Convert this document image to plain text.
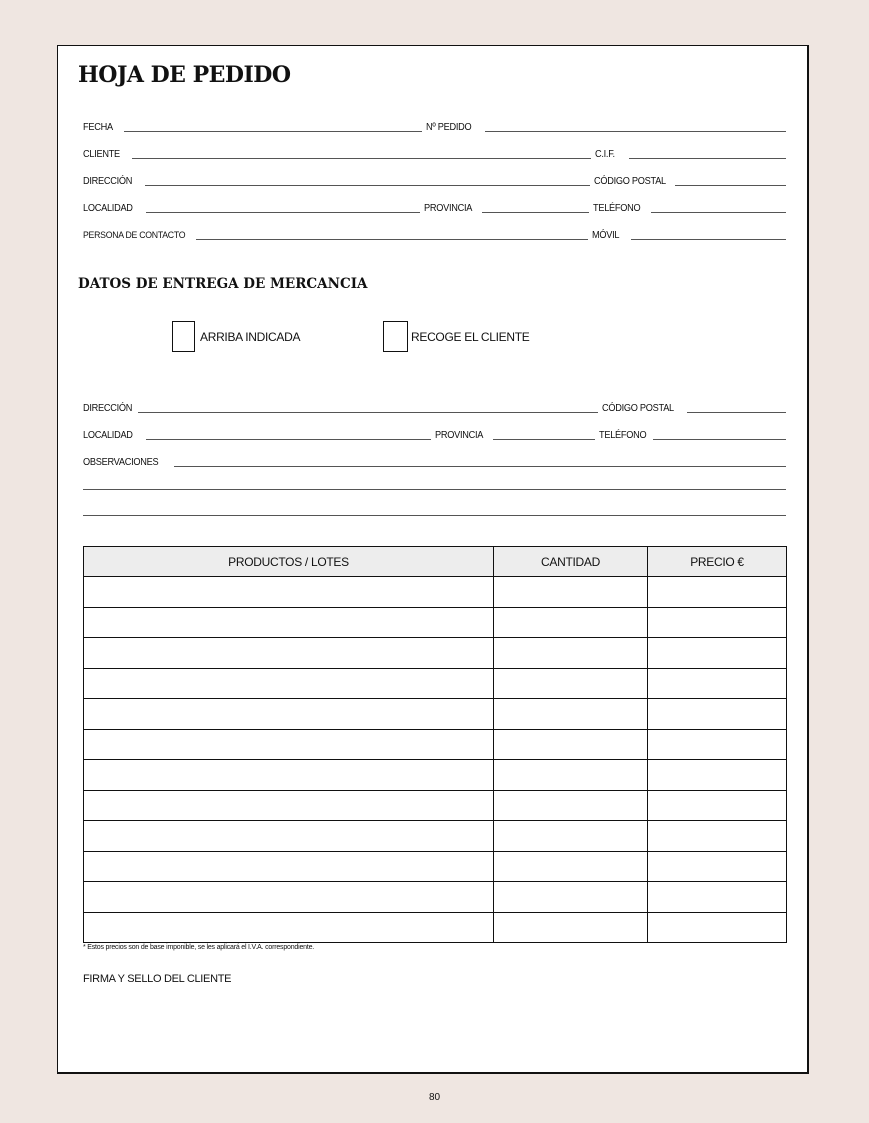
HOJA DE PEDIDO
FECHA	Nº PEDIDO
CLIENTE	C.I.F.
DIRECCIÓN	CÓDIGO POSTAL
LOCALIDAD	PROVINCIA	TELÉFONO
PERSONA DE CONTACTO	MÓVIL
DATOS DE ENTREGA DE MERCANCIA
ARRIBA INDICADA	RECOGE EL CLIENTE
DIRECCIÓN	CÓDIGO POSTAL
LOCALIDAD	PROVINCIA	TELÉFONO
OBSERVACIONES
PRODUCTOS / LOTES	CANTIDAD	PRECIO €

* Estos precios son de base imponible, se les aplicará el I.V.A. correspondiente.
FIRMA Y SELLO DEL CLIENTE
80
